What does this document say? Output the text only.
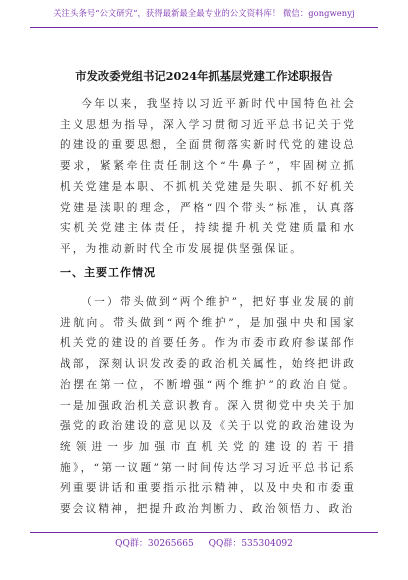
关注头条号“公文研究”，获得最新最全最专业的公文资料库！ 微信：gongwenyj
市发改委党组书记2024年抓基层党建工作述职报告
今年以来，我坚持以习近平新时代中国特色社会主义思想为指导，深入学习贯彻习近平总书记关于党的建设的重要思想，全面贯彻落实新时代党的建设总要求，紧紧牵住责任制这个“牛鼻子”，牢固树立抓机关党建是本职、不抓机关党建是失职、抓不好机关党建是渎职的理念，严格“四个带头”标准，认真落实机关党建主体责任，持续提升机关党建质量和水平，为推动新时代全市发展提供坚强保证。
一、主要工作情况
（一）带头做到“两个维护”，把好事业发展的前进航向。带头做到“两个维护”，是加强中央和国家机关党的建设的首要任务。作为市委市政府参谋部作战部，深刻认识发改委的政治机关属性，始终把讲政治摆在第一位，不断增强“两个维护”的政治自觉。一是加强政治机关意识教育。深入贯彻党中央关于加强党的政治建设的意见以及《关于以党的政治建设为统领进一步加强市直机关党的建设的若干措施》，“第一议题”第一时间传达学习习近平总书记系列重要讲话和重要指示批示精神，以及中央和市委重要会议精神，把提升政治判断力、政治领悟力、政治
QQ群：30265665 QQ群：535304092
